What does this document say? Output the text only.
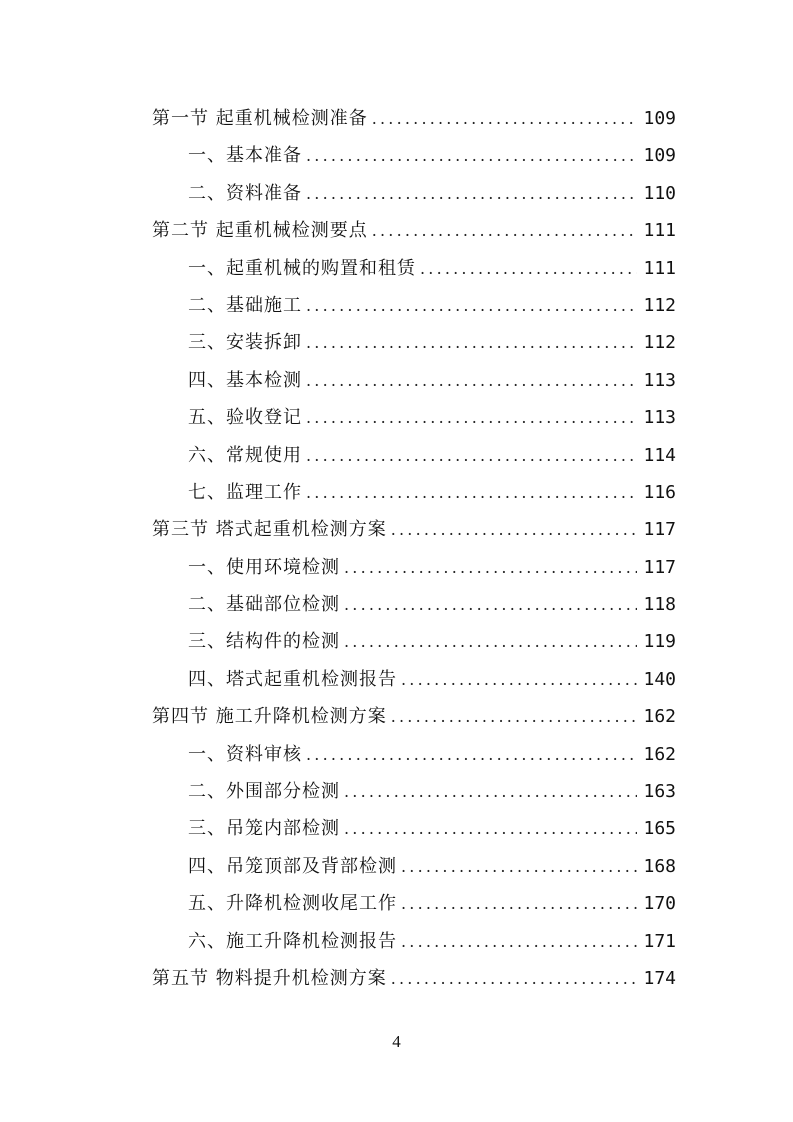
第一节 起重机械检测准备 .....	109
一、基本准备 .....	109
二、资料准备 .....	110
第二节 起重机械检测要点 .....	111
一、起重机械的购置和租赁 .....	111
二、基础施工 .....	112
三、安装拆卸 .....	112
四、基本检测 .....	113
五、验收登记 .....	113
六、常规使用 .....	114
七、监理工作 .....	116
第三节 塔式起重机检测方案 .....	117
一、使用环境检测 .....	117
二、基础部位检测 .....	118
三、结构件的检测 .....	119
四、塔式起重机检测报告 .....	140
第四节 施工升降机检测方案 .....	162
一、资料审核 .....	162
二、外围部分检测 .....	163
三、吊笼内部检测 .....	165
四、吊笼顶部及背部检测 .....	168
五、升降机检测收尾工作 .....	170
六、施工升降机检测报告 .....	171
第五节 物料提升机检测方案 .....	174
4
